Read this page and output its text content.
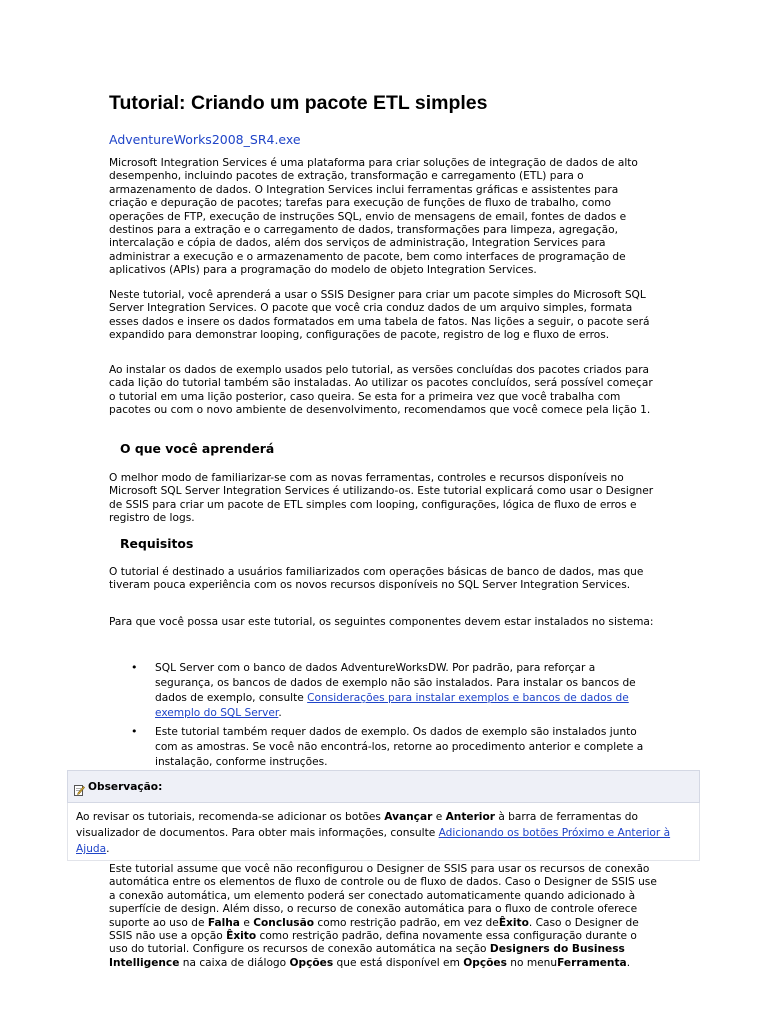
Tutorial: Criando um pacote ETL simples
AdventureWorks2008_SR4.exe

Microsoft Integration Services é uma plataforma para criar soluções de integração de dados de alto desempenho, incluindo pacotes de extração, transformação e carregamento (ETL) para o armazenamento de dados. O Integration Services inclui ferramentas gráficas e assistentes para criação e depuração de pacotes; tarefas para execução de funções de fluxo de trabalho, como operações de FTP, execução de instruções SQL, envio de mensagens de email, fontes de dados e destinos para a extração e o carregamento de dados, transformações para limpeza, agregação, intercalação e cópia de dados, além dos serviços de administração, Integration Services para administrar a execução e o armazenamento de pacote, bem como interfaces de programação de aplicativos (APIs) para a programação do modelo de objeto Integration Services.

Neste tutorial, você aprenderá a usar o SSIS Designer para criar um pacote simples do Microsoft SQL Server Integration Services. O pacote que você cria conduz dados de um arquivo simples, formata esses dados e insere os dados formatados em uma tabela de fatos. Nas lições a seguir, o pacote será expandido para demonstrar looping, configurações de pacote, registro de log e fluxo de erros.

Ao instalar os dados de exemplo usados pelo tutorial, as versões concluídas dos pacotes criados para cada lição do tutorial também são instaladas. Ao utilizar os pacotes concluídos, será possível começar o tutorial em uma lição posterior, caso queira. Se esta for a primeira vez que você trabalha com pacotes ou com o novo ambiente de desenvolvimento, recomendamos que você comece pela lição 1.

O que você aprenderá

O melhor modo de familiarizar-se com as novas ferramentas, controles e recursos disponíveis no Microsoft SQL Server Integration Services é utilizando-os. Este tutorial explicará como usar o Designer de SSIS para criar um pacote de ETL simples com looping, configurações, lógica de fluxo de erros e registro de logs.

Requisitos

O tutorial é destinado a usuários familiarizados com operações básicas de banco de dados, mas que tiveram pouca experiência com os novos recursos disponíveis no SQL Server Integration Services.

Para que você possa usar este tutorial, os seguintes componentes devem estar instalados no sistema:

• SQL Server com o banco de dados AdventureWorksDW. Por padrão, para reforçar a segurança, os bancos de dados de exemplo não são instalados. Para instalar os bancos de dados de exemplo, consulte Considerações para instalar exemplos e bancos de dados de exemplo do SQL Server.
• Este tutorial também requer dados de exemplo. Os dados de exemplo são instalados junto com as amostras. Se você não encontrá-los, retorne ao procedimento anterior e complete a instalação, conforme instruções.
Observação:
Ao revisar os tutoriais, recomenda-se adicionar os botões Avançar e Anterior à barra de ferramentas do visualizador de documentos. Para obter mais informações, consulte Adicionando os botões Próximo e Anterior à Ajuda.

Este tutorial assume que você não reconfigurou o Designer de SSIS para usar os recursos de conexão automática entre os elementos de fluxo de controle ou de fluxo de dados. Caso o Designer de SSIS use a conexão automática, um elemento poderá ser conectado automaticamente quando adicionado à superfície de design. Além disso, o recurso de conexão automática para o fluxo de controle oferece suporte ao uso de Falha e Conclusão como restrição padrão, em vez deÊxito. Caso o Designer de SSIS não use a opção Êxito como restrição padrão, defina novamente essa configuração durante o uso do tutorial. Configure os recursos de conexão automática na seção Designers do Business Intelligence na caixa de diálogo Opções que está disponível em Opções no menuFerramenta.
